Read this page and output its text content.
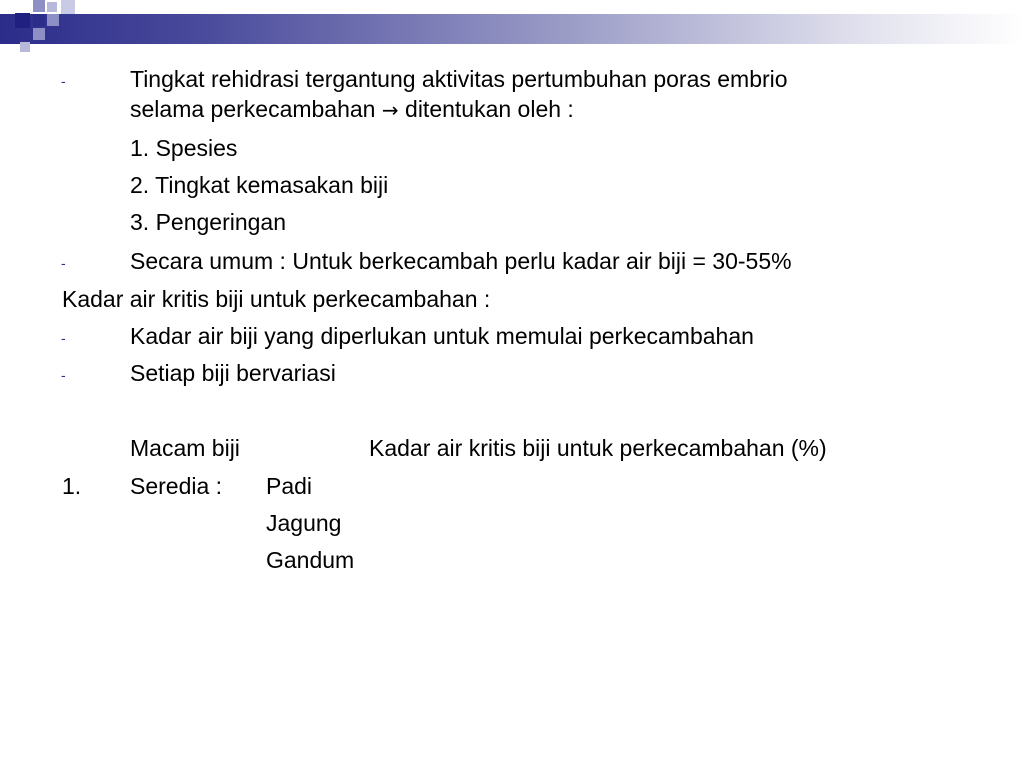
-	Tingkat rehidrasi tergantung aktivitas pertumbuhan poras embrio
selama perkecambahan → ditentukan oleh :
1. Spesies
2. Tingkat kemasakan biji
3. Pengeringan
-	Secara umum : Untuk berkecambah perlu kadar air biji = 30-55%
Kadar air kritis biji untuk perkecambahan :
-	Kadar air biji yang diperlukan untuk memulai perkecambahan
-	Setiap biji bervariasi
Macam biji	Kadar air kritis biji untuk perkecambahan (%)
1. Seredia : Padi
Jagung
Gandum
